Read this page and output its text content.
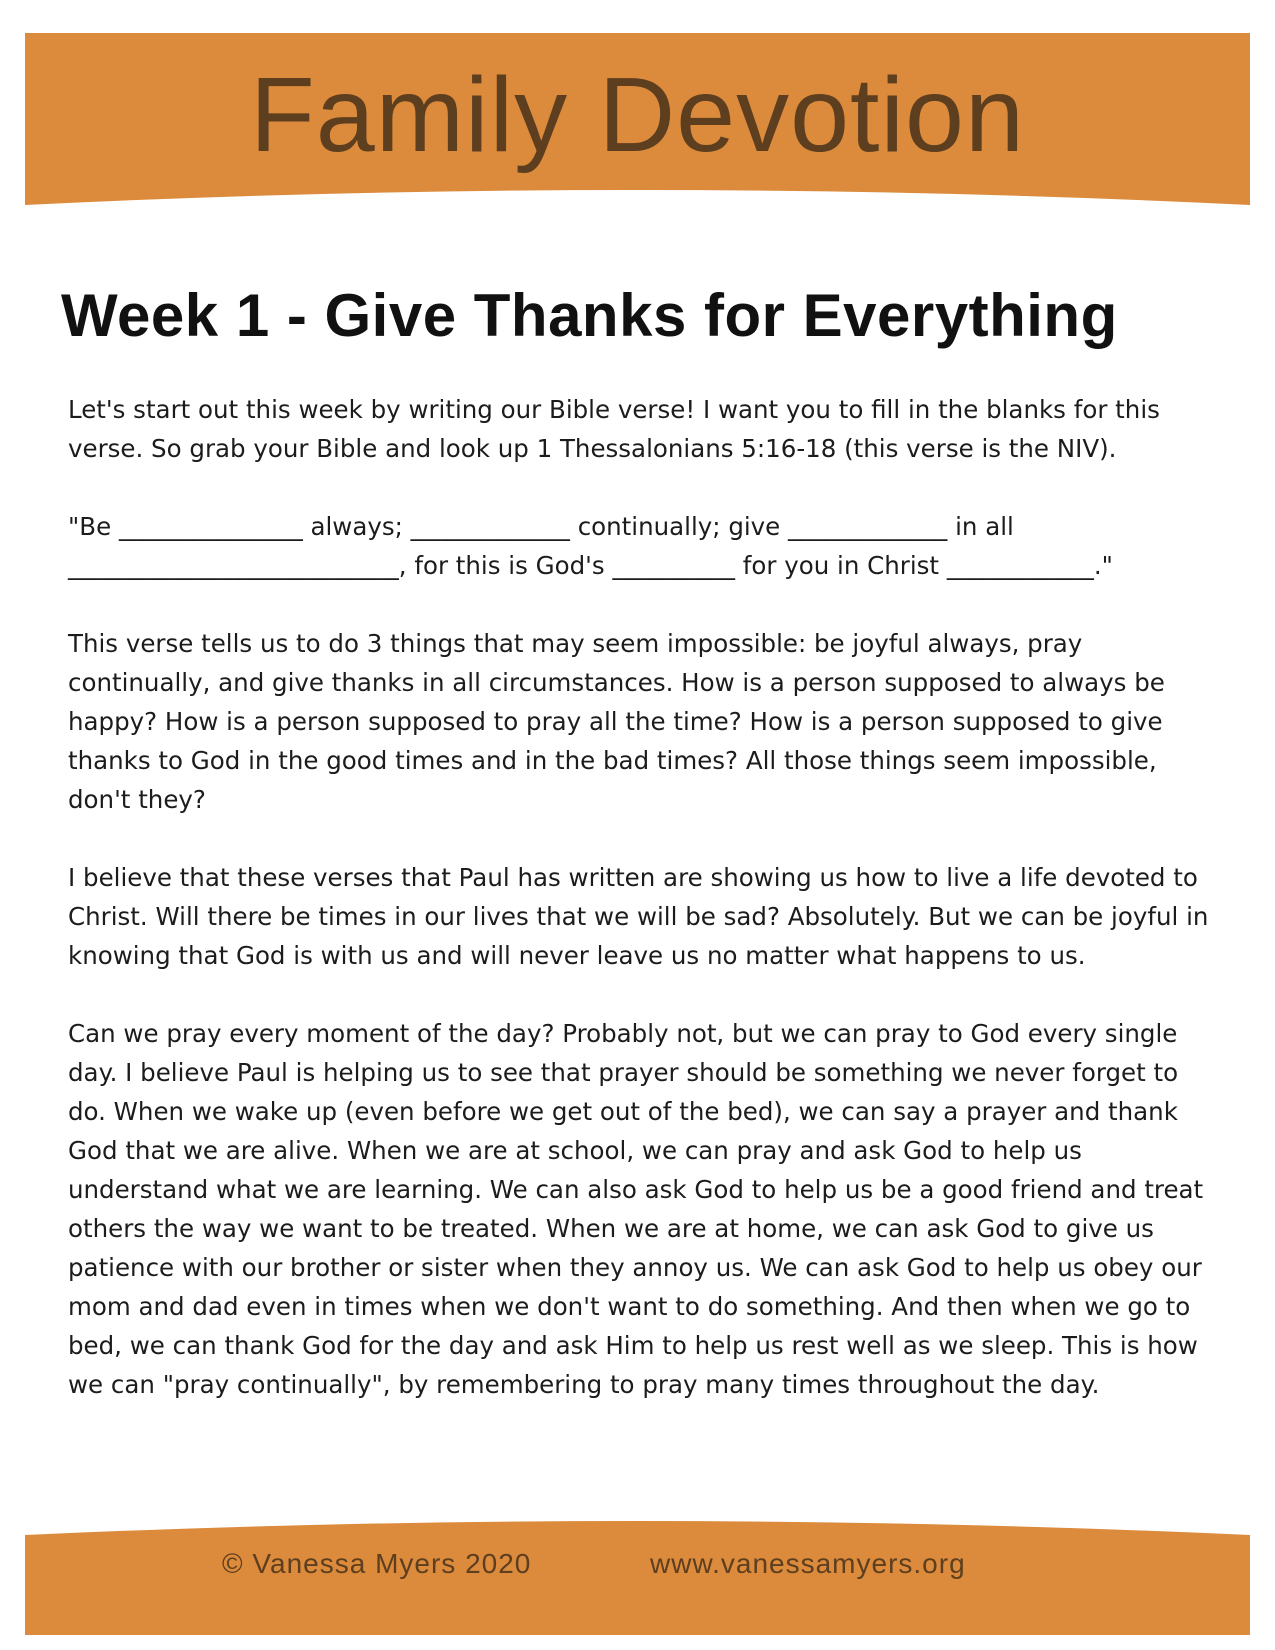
Family Devotion
Week 1 - Give Thanks for Everything

Let's start out this week by writing our Bible verse! I want you to fill in the blanks for this verse. So grab your Bible and look up 1 Thessalonians 5:16-18 (this verse is the NIV).

"Be _______________ always; _____________ continually; give _____________ in all
___________________________, for this is God's __________ for you in Christ ____________."

This verse tells us to do 3 things that may seem impossible: be joyful always, pray continually, and give thanks in all circumstances. How is a person supposed to always be happy? How is a person supposed to pray all the time? How is a person supposed to give thanks to God in the good times and in the bad times? All those things seem impossible, don't they?

I believe that these verses that Paul has written are showing us how to live a life devoted to Christ. Will there be times in our lives that we will be sad? Absolutely. But we can be joyful in knowing that God is with us and will never leave us no matter what happens to us.

Can we pray every moment of the day? Probably not, but we can pray to God every single day. I believe Paul is helping us to see that prayer should be something we never forget to do. When we wake up (even before we get out of the bed), we can say a prayer and thank God that we are alive. When we are at school, we can pray and ask God to help us understand what we are learning. We can also ask God to help us be a good friend and treat others the way we want to be treated. When we are at home, we can ask God to give us patience with our brother or sister when they annoy us. We can ask God to help us obey our mom and dad even in times when we don't want to do something. And then when we go to bed, we can thank God for the day and ask Him to help us rest well as we sleep. This is how we can "pray continually", by remembering to pray many times throughout the day.

© Vanessa Myers 2020	www.vanessamyers.org
